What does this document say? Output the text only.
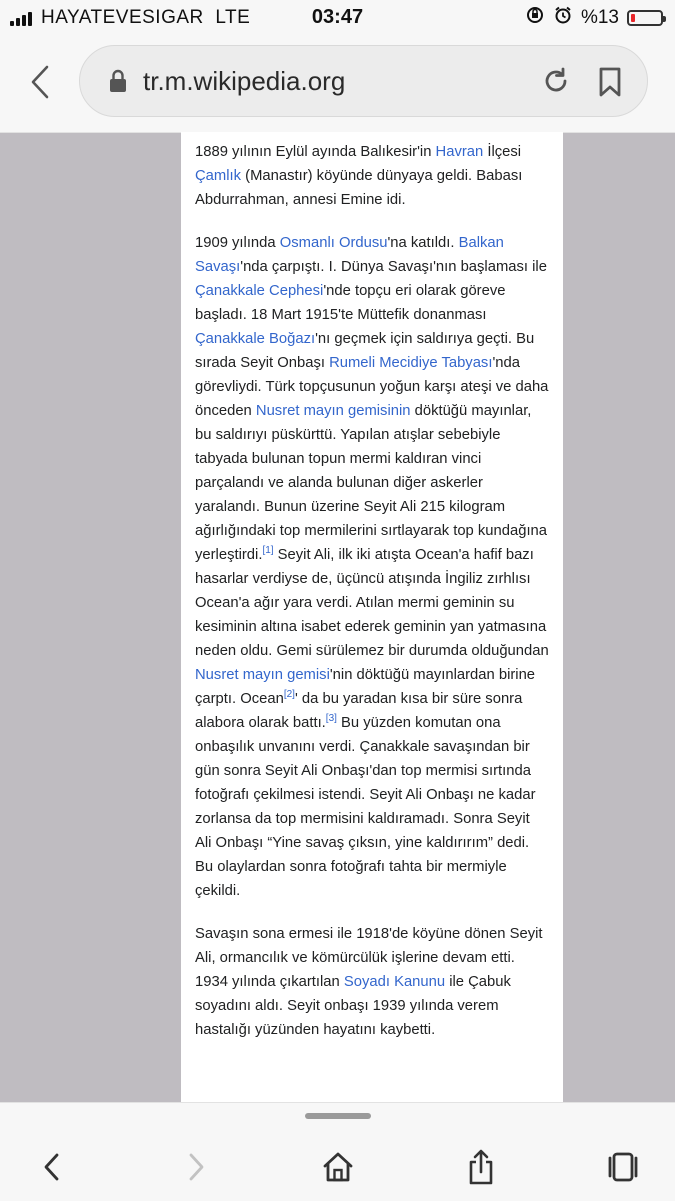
HAYATEVESIGAR LTE	03:47	%13
tr.m.wikipedia.org

1889 yılının Eylül ayında Balıkesir'in Havran İlçesi Çamlık (Manastır) köyünde dünyaya geldi. Babası Abdurrahman, annesi Emine idi.

1909 yılında Osmanlı Ordusu'na katıldı. Balkan Savaşı'nda çarpıştı. I. Dünya Savaşı'nın başlaması ile Çanakkale Cephesi'nde topçu eri olarak göreve başladı. 18 Mart 1915'te Müttefik donanması Çanakkale Boğazı'nı geçmek için saldırıya geçti. Bu sırada Seyit Onbaşı Rumeli Mecidiye Tabyası'nda görevliydi. Türk topçusunun yoğun karşı ateşi ve daha önceden Nusret mayın gemisinin döktüğü mayınlar, bu saldırıyı püskürttü. Yapılan atışlar sebebiyle tabyada bulunan topun mermi kaldıran vinci parçalandı ve alanda bulunan diğer askerler yaralandı. Bunun üzerine Seyit Ali 215 kilogram ağırlığındaki top mermilerini sırtlayarak top kundağına yerleştirdi.[1] Seyit Ali, ilk iki atışta Ocean'a hafif bazı hasarlar verdiyse de, üçüncü atışında İngiliz zırhlısı Ocean'a ağır yara verdi. Atılan mermi geminin su kesiminin altına isabet ederek geminin yan yatmasına neden oldu. Gemi sürülemez bir durumda olduğundan Nusret mayın gemisi'nin döktüğü mayınlardan birine çarptı. Ocean[2]' da bu yaradan kısa bir süre sonra alabora olarak battı.[3] Bu yüzden komutan ona onbaşılık unvanını verdi. Çanakkale savaşından bir gün sonra Seyit Ali Onbaşı'dan top mermisi sırtında fotoğrafı çekilmesi istendi. Seyit Ali Onbaşı ne kadar zorlansa da top mermisini kaldıramadı. Sonra Seyit Ali Onbaşı “Yine savaş çıksın, yine kaldırırım” dedi. Bu olaylardan sonra fotoğrafı tahta bir mermiyle çekildi.

Savaşın sona ermesi ile 1918'de köyüne dönen Seyit Ali, ormancılık ve kömürcülük işlerine devam etti. 1934 yılında çıkartılan Soyadı Kanunu ile Çabuk soyadını aldı. Seyit onbaşı 1939 yılında verem hastalığı yüzünden hayatını kaybetti.
